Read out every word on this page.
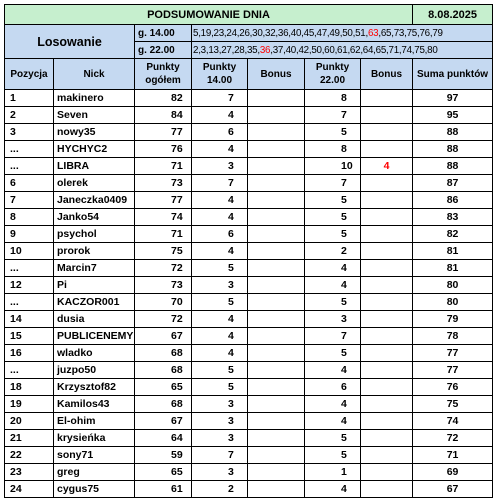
PODSUMOWANIE DNIA							8.08.2025
Losowanie		g. 14.00	5,19,23,24,26,30,32,36,40,45,47,49,50,51,63,65,73,75,76,79				
		g. 22.00	2,3,13,27,28,35,36,37,40,42,50,60,61,62,64,65,71,74,75,80				
Pozycja	Nick	Punkty ogółem	Punkty 14.00	Bonus	Punkty 22.00	Bonus	Suma punktów
1	makinero	82	7		8		97
2	Seven	84	4		7		95
3	nowy35	77	6		5		88
...	HYCHYC2	76	4		8		88
...	LIBRA	71	3		10	4	88
6	olerek	73	7		7		87
7	Janeczka0409	77	4		5		86
8	Janko54	74	4		5		83
9	psychol	71	6		5		82
10	prorok	75	4		2		81
...	Marcin7	72	5		4		81
12	Pi	73	3		4		80
...	KACZOR001	70	5		5		80
14	dusia	72	4		3		79
15	PUBLICENEMY	67	4		7		78
16	wladko	68	4		5		77
...	juzpo50	68	5		4		77
18	Krzysztof82	65	5		6		76
19	Kamilos43	68	3		4		75
20	El-ohim	67	3		4		74
21	krysieńka	64	3		5		72
22	sony71	59	7		5		71
23	greg	65	3		1		69
24	cygus75	61	2		4		67
